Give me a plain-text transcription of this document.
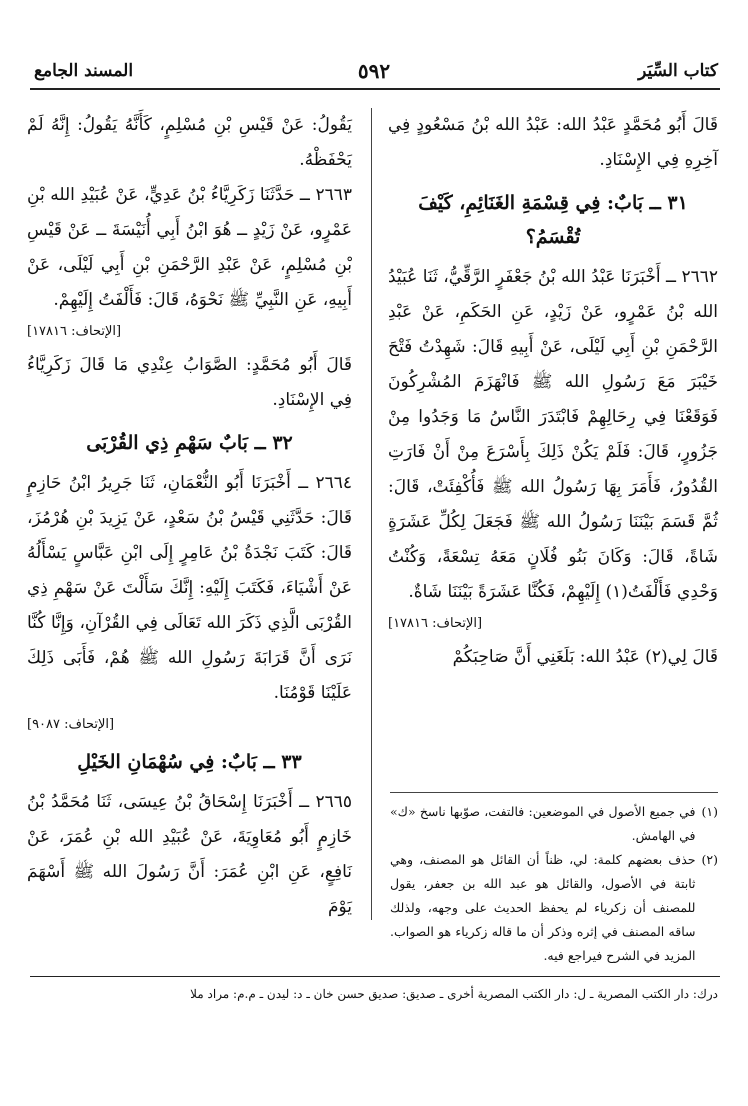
كتاب السِّيَر
٥٩٢
المسند الجامع

قَالَ أَبُو مُحَمَّدٍ عَبْدُ الله: عَبْدُ الله بْنُ مَسْعُودٍ فِي آخِرِهِ فِي الإِسْنَادِ.

٣١ ــ بَابٌ: فِي قِسْمَةِ الغَنَائِمِ، كَيْفَ تُقْسَمُ؟

٢٦٦٢ ــ أَخْبَرَنَا عَبْدُ الله بْنُ جَعْفَرٍ الرَّقِّيُّ، ثَنَا عُبَيْدُ الله بْنُ عَمْرٍو، عَنْ زَيْدٍ، عَنِ الحَكَمِ، عَنْ عَبْدِ الرَّحْمَنِ بْنِ أَبِي لَيْلَى، عَنْ أَبِيهِ قَالَ: شَهِدْتُ فَتْحَ خَيْبَرَ مَعَ رَسُولِ الله ﷺ فَانْهَزَمَ المُشْرِكُونَ فَوَقَعْنَا فِي رِحَالِهِمْ فَابْتَدَرَ النَّاسُ مَا وَجَدُوا مِنْ جَزُورٍ، قَالَ: فَلَمْ يَكُنْ ذَلِكَ بِأَسْرَعَ مِنْ أَنْ فَارَتِ القُدُورُ، فَأَمَرَ بِهَا رَسُولُ الله ﷺ فَأُكْفِئَتْ، قَالَ: ثُمَّ قَسَمَ بَيْنَنَا رَسُولُ الله ﷺ فَجَعَلَ لِكُلِّ عَشَرَةٍ شَاةً، قَالَ: وَكَانَ بَنُو فُلَانٍ مَعَهُ تِسْعَةً، وَكُنْتُ وَحْدِي فَأَلْفَتُ(١) إِلَيْهِمْ، فَكُنَّا عَشَرَةً بَيْنَنَا شَاةٌ.

[الإتحاف: ١٧٨١٦]

قَالَ لِي(٢) عَبْدُ الله: بَلَغَنِي أَنَّ صَاحِبَكُمْ

(١)
في جميع الأصول في الموضعين: فالتفت، صوّبها ناسخ «ك» في الهامش.

(٢)
حذف بعضهم كلمة: لي، ظناً أن القائل هو المصنف، وهي ثابتة في الأصول، والقائل هو عبد الله بن جعفر، يقول للمصنف أن زكرياء لم يحفظ الحديث على وجهه، ولذلك ساقه المصنف في إثره وذكر أن ما قاله زكرياء هو الصواب. المزيد في الشرح فيراجع فيه.

يَقُولُ: عَنْ قَيْسِ بْنِ مُسْلِمٍ، كَأَنَّهُ يَقُولُ: إِنَّهُ لَمْ يَحْفَظْهُ.

٢٦٦٣ ــ حَدَّثَنَا زَكَرِيَّاءُ بْنُ عَدِيٍّ، عَنْ عُبَيْدِ الله بْنِ عَمْرٍو، عَنْ زَيْدٍ ــ هُوَ ابْنُ أَبِي أُنَيْسَةَ ــ عَنْ قَيْسِ بْنِ مُسْلِمٍ، عَنْ عَبْدِ الرَّحْمَنِ بْنِ أَبِي لَيْلَى، عَنْ أَبِيهِ، عَنِ النَّبِيِّ ﷺ نَحْوَهُ، قَالَ: فَأَلْفَتُ إِلَيْهِمْ.

[الإتحاف: ١٧٨١٦]

قَالَ أَبُو مُحَمَّدٍ: الصَّوَابُ عِنْدِي مَا قَالَ زَكَرِيَّاءُ فِي الإِسْنَادِ.

٣٢ ــ بَابٌ سَهْمِ ذِي القُرْبَى

٢٦٦٤ ــ أَخْبَرَنَا أَبُو النُّعْمَانِ، ثَنَا جَرِيرُ ابْنُ حَازِمٍ قَالَ: حَدَّثَنِي قَيْسُ بْنُ سَعْدٍ، عَنْ يَزِيدَ بْنِ هُرْمُزَ، قَالَ: كَتَبَ نَجْدَةُ بْنُ عَامِرٍ إِلَى ابْنِ عَبَّاسٍ يَسْأَلُهُ عَنْ أَشْيَاءَ، فَكَتَبَ إِلَيْهِ: إِنَّكَ سَأَلْتَ عَنْ سَهْمِ ذِي القُرْبَى الَّذِي ذَكَرَ الله تَعَالَى فِي القُرْآنِ، وَإِنَّا كُنَّا نَرَى أَنَّ قَرَابَةَ رَسُولِ الله ﷺ هُمْ، فَأَبَى ذَلِكَ عَلَيْنَا قَوْمُنَا.

[الإتحاف: ٩٠٨٧]
٣٣ ــ بَابٌ: فِي سُهْمَانِ الخَيْلِ

٢٦٦٥ ــ أَخْبَرَنَا إِسْحَاقُ بْنُ عِيسَى، ثَنَا مُحَمَّدُ بْنُ خَازِمٍ أَبُو مُعَاوِيَةَ، عَنْ عُبَيْدِ الله بْنِ عُمَرَ، عَنْ نَافِعٍ، عَنِ ابْنِ عُمَرَ: أَنَّ رَسُولَ الله ﷺ أَسْهَمَ يَوْمَ

درك: دار الكتب المصرية ـ ل: دار الكتب المصرية أخرى ـ صديق: صديق حسن خان ـ د: ليدن ـ م.م: مراد ملا
